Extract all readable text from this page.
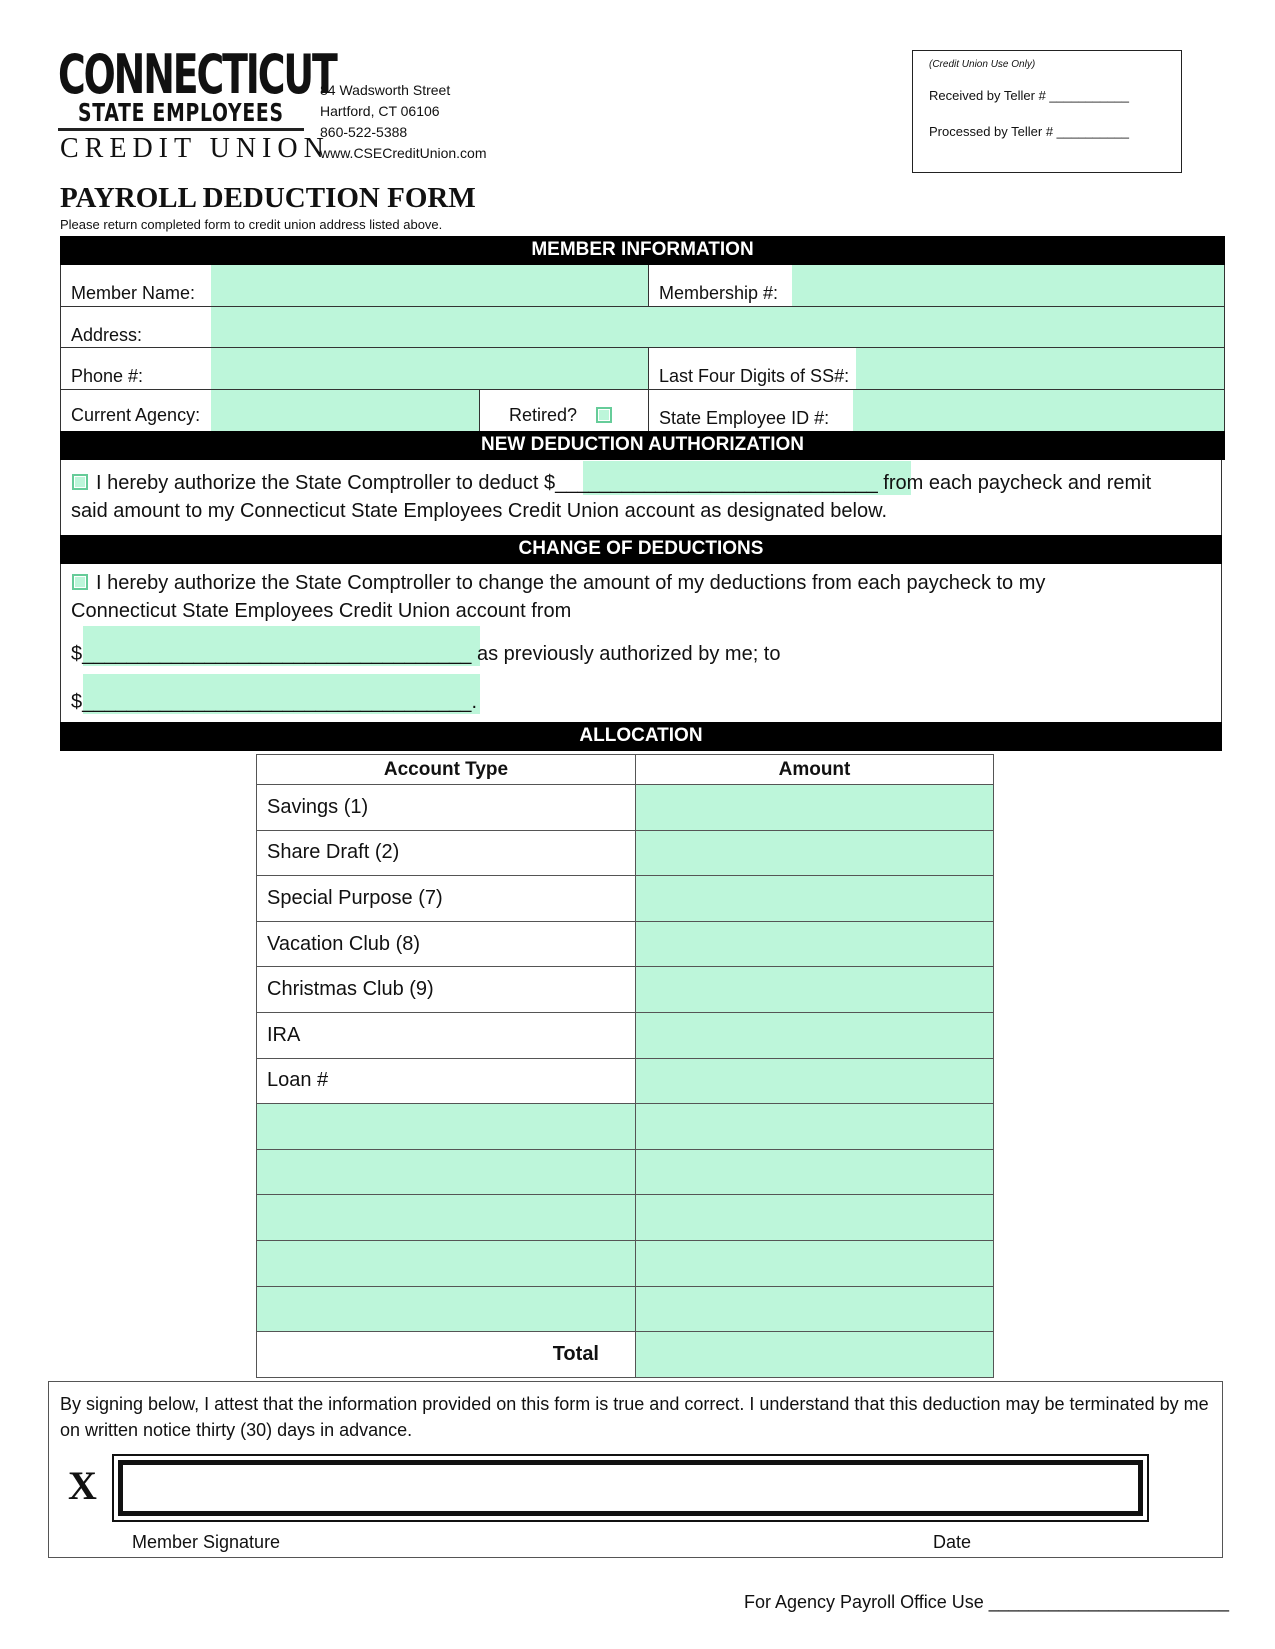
CONNECTICUT
STATE EMPLOYEES
CREDIT UNION
84 Wadsworth Street
Hartford, CT 06106
860-522-5388
www.CSECreditUnion.com
(Credit Union Use Only)
Received by Teller # ___________
Processed by Teller # __________
PAYROLL DEDUCTION FORM
Please return completed form to credit union address listed above.
MEMBER INFORMATION
Member Name:	Membership #:
Address:
Phone #:	Last Four Digits of SS#:
Current Agency:	Retired?	State Employee ID #:
NEW DEDUCTION AUTHORIZATION
I hereby authorize the State Comptroller to deduct $_____________________________ from each paycheck and remit
said amount to my Connecticut State Employees Credit Union account as designated below.
CHANGE OF DEDUCTIONS
I hereby authorize the State Comptroller to change the amount of my deductions from each paycheck to my
Connecticut State Employees Credit Union account from
$___________________________________ as previously authorized by me; to
$___________________________________.
ALLOCATION
Account Type	Amount
Savings (1)	
Share Draft (2)	
Special Purpose (7)	
Vacation Club (8)	
Christmas Club (9)	
IRA	
Loan #	

Total	
By signing below, I attest that the information provided on this form is true and correct. I understand that this deduction may be terminated by me on written notice thirty (30) days in advance.
X
Member Signature	Date
For Agency Payroll Office Use ________________________
